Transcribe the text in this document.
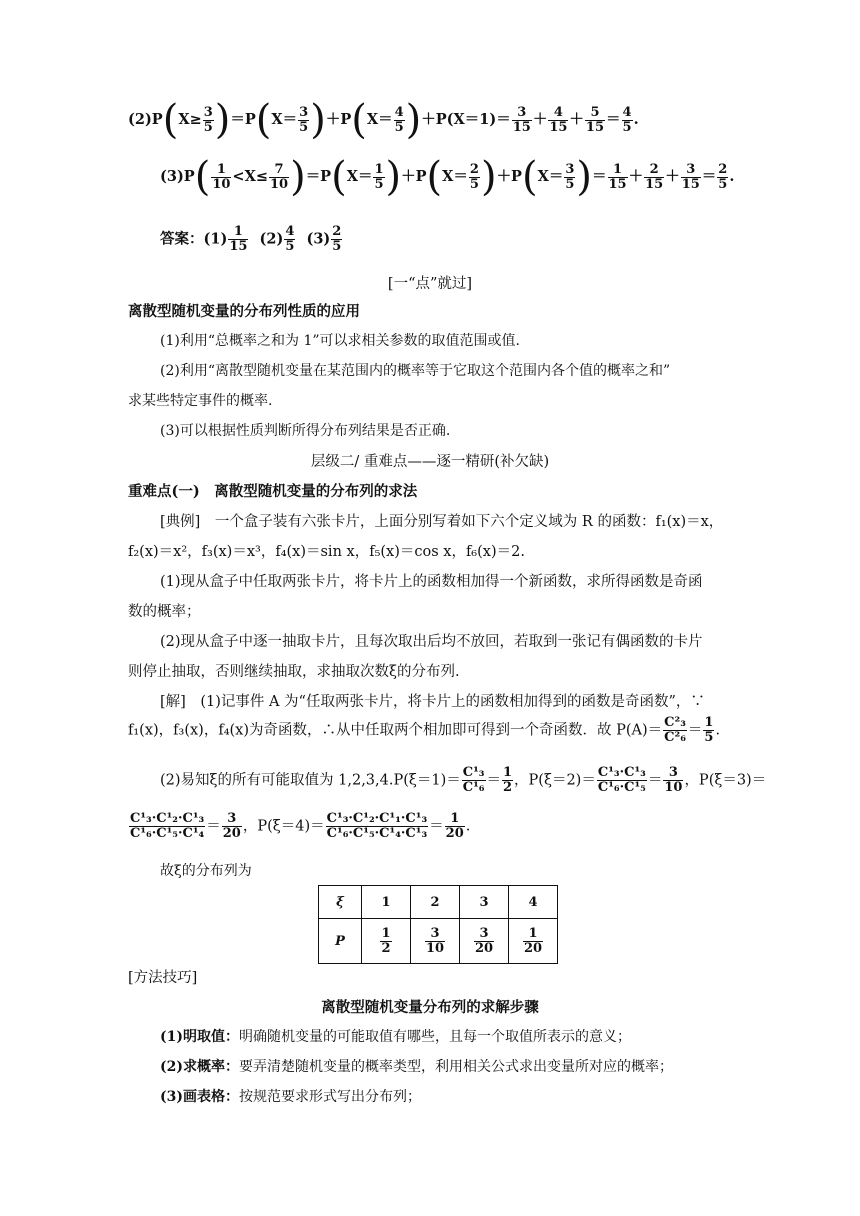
$(2)P(X\ge \frac{3}{5} )=P(X= \frac{3}{5} )+P(X= \frac{4}{5} )+P(X=1)= \frac{3}{15} + \frac{4}{15} + \frac{5}{15} = \frac{4}{5}$ .
$(3)P( \frac{1}{10} <X\le \frac{7}{10} )=P(X= \frac{1}{5} )+P(X= \frac{2}{5} )+P(X= \frac{3}{5}$ )＝ $\frac{1}{15} + \frac{2}{15} + \frac{3}{15} = \frac{2}{5}$ .
答案：$(1) \frac{1}{15} (2) \frac{4}{5} (3) \frac{2}{5}$
[一“点”就过]
离散型随机变量的分布列性质的应用
(1)利用“总概率之和为 1”可以求相关参数的取值范围或值.
(2)利用“离散型随机变量在某范围内的概率等于它取这个范围内各个值的概率之和”
求某些特定事件的概率.
(3)可以根据性质判断所得分布列结果是否正确.
层级二/ 重难点——逐一精研(补欠缺)
重难点(一)　离散型随机变量的分布列的求法
[典例]　一个盒子装有六张卡片，上面分别写着如下六个定义域为 R 的函数：f₁(x)＝x，
f₂(x)＝x²，f₃(x)＝x³，f₄(x)＝sin x，f₅(x)＝cos x，f₆(x)＝2.
(1)现从盒子中任取两张卡片，将卡片上的函数相加得一个新函数，求所得函数是奇函
数的概率；
(2)现从盒子中逐一抽取卡片，且每次取出后均不放回，若取到一张记有偶函数的卡片
则停止抽取，否则继续抽取，求抽取次数ξ的分布列.
[解]　(1)记事件 A 为“任取两张卡片，将卡片上的函数相加得到的函数是奇函数”，∵
f₁(x)，f₃(x)，f₄(x)为奇函数，∴从中任取两个相加即可得到一个奇函数．故 $P(A)= \frac{\text{C²₃}}{\text{C²₆}} = \frac{1}{5}$ .
(2)易知ξ的所有可能取值为 $1,2,3,4.P(\xi=1)= \frac{\text{C¹₃}}{\text{C¹₆}} = \frac{1}{2}$ ，$P(\xi=2)= \frac{\text{C¹₃·C¹₃}}{\text{C¹₆·C¹₅}} = \frac{3}{10}$ ，P(ξ＝3)＝
$\frac{\text{C¹₃·C¹₂·C¹₃}}{\text{C¹₆·C¹₅·C¹₄}} = \frac{3}{20}$ ，$P(\xi=4)= \frac{\text{C¹₃·C¹₂·C¹₁·C¹₃}}{\text{C¹₆·C¹₅·C¹₄·C¹₃}} = \frac{1}{20}$ .
故ξ的分布列为
ξ	1	2	3	4
P	$\frac{1}{2}$	$\frac{3}{10}$	$\frac{3}{20}$	$\frac{1}{20}$
[方法技巧]
离散型随机变量分布列的求解步骤
(1)明取值：明确随机变量的可能取值有哪些，且每一个取值所表示的意义；
(2)求概率：要弄清楚随机变量的概率类型，利用相关公式求出变量所对应的概率；
(3)画表格：按规范要求形式写出分布列；
